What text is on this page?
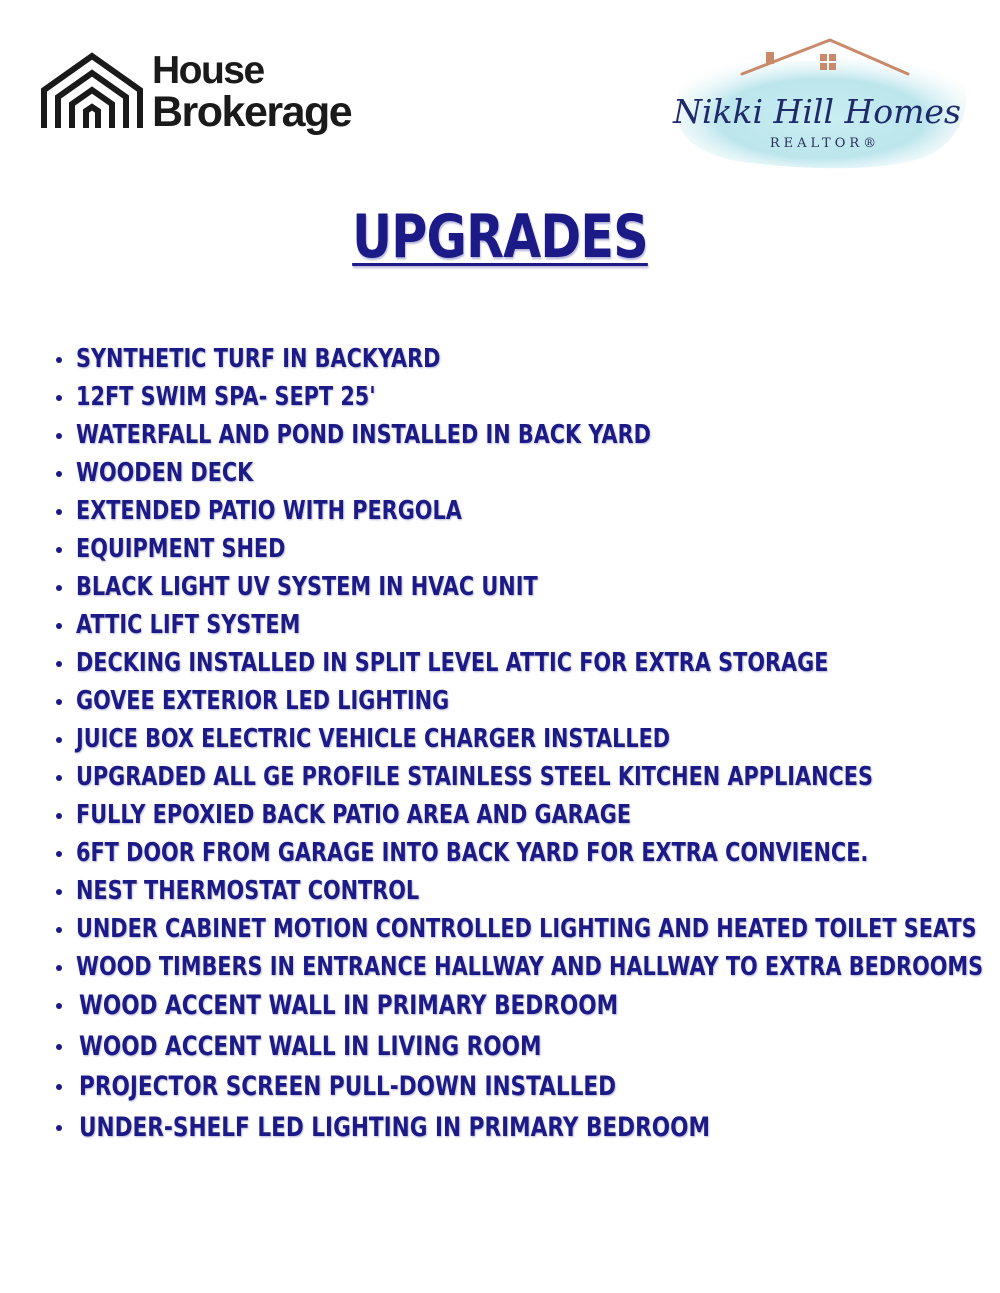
House
Brokerage	Nikki Hill Homes
REALTOR®
UPGRADES
SYNTHETIC TURF IN BACKYARD
12FT SWIM SPA- SEPT 25'
WATERFALL AND POND INSTALLED IN BACK YARD
WOODEN DECK
EXTENDED PATIO WITH PERGOLA
EQUIPMENT SHED
BLACK LIGHT UV SYSTEM IN HVAC UNIT
ATTIC LIFT SYSTEM
DECKING INSTALLED IN SPLIT LEVEL ATTIC FOR EXTRA STORAGE
GOVEE EXTERIOR LED LIGHTING
JUICE BOX ELECTRIC VEHICLE CHARGER INSTALLED
UPGRADED ALL GE PROFILE STAINLESS STEEL KITCHEN APPLIANCES
FULLY EPOXIED BACK PATIO AREA AND GARAGE
6FT DOOR FROM GARAGE INTO BACK YARD FOR EXTRA CONVIENCE.
NEST THERMOSTAT CONTROL
UNDER CABINET MOTION CONTROLLED LIGHTING AND HEATED TOILET SEATS
WOOD TIMBERS IN ENTRANCE HALLWAY AND HALLWAY TO EXTRA BEDROOMS
WOOD ACCENT WALL IN PRIMARY BEDROOM
WOOD ACCENT WALL IN LIVING ROOM
PROJECTOR SCREEN PULL-DOWN INSTALLED
UNDER-SHELF LED LIGHTING IN PRIMARY BEDROOM
